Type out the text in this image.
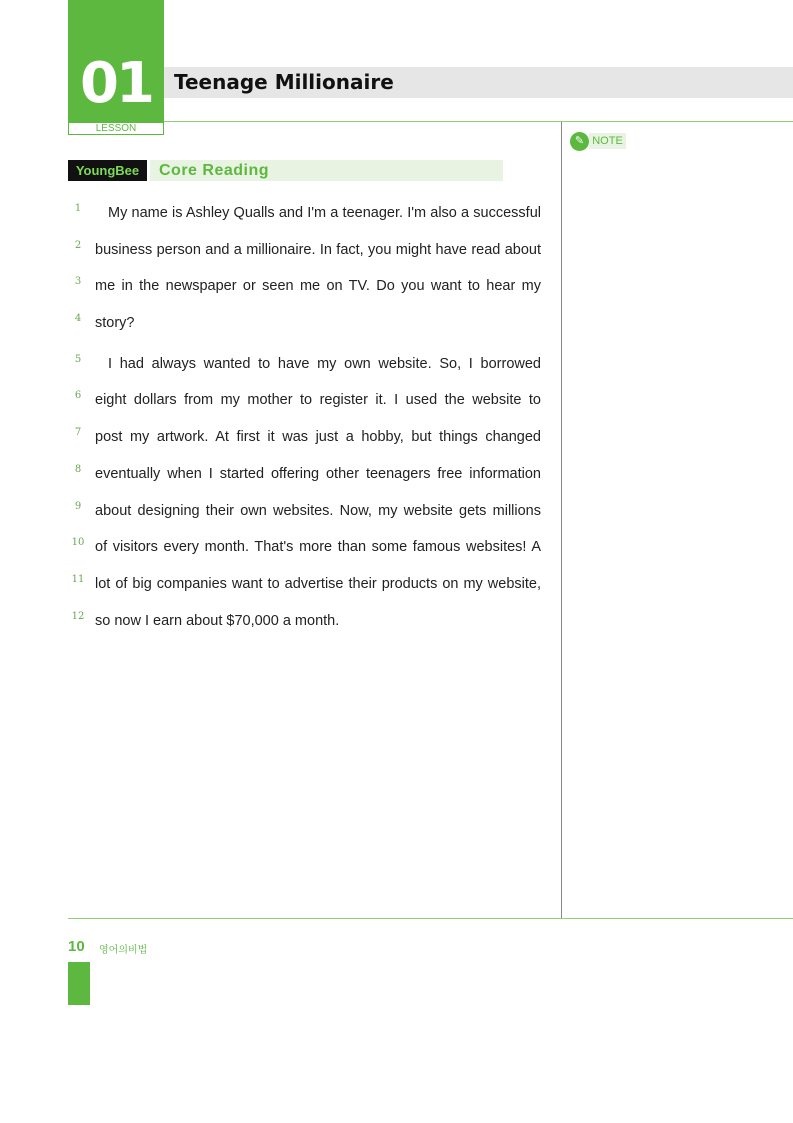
01
LESSON
Teenage Millionaire
✎ NOTE
YoungBee	Core Reading
1	My name is Ashley Qualls and I'm a teenager. I'm also a successful
2 business person and a millionaire. In fact, you might have read about
3 me in the newspaper or seen me on TV. Do you want to hear my
4 story?
5	I had always wanted to have my own website. So, I borrowed
6 eight dollars from my mother to register it. I used the website to
7 post my artwork. At first it was just a hobby, but things changed
8 eventually when I started offering other teenagers free information
9 about designing their own websites. Now, my website gets millions
10 of visitors every month. That's more than some famous websites! A
11 lot of big companies want to advertise their products on my website,
12 so now I earn about $70,000 a month.
10 영어의비법
